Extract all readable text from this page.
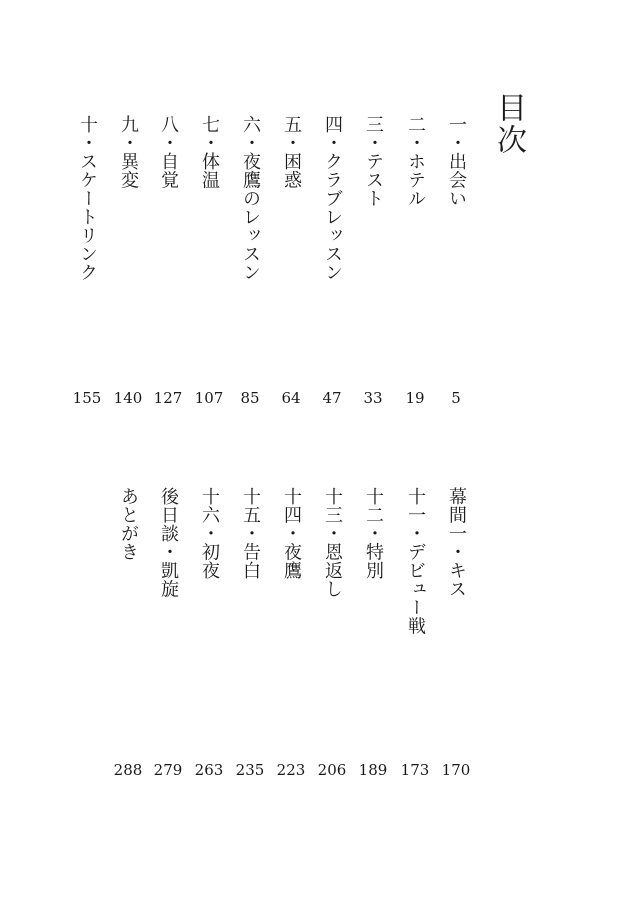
目次
一・出会い
5
二・ホテル
19
三・テスト
33
四・クラブレッスン
47
五・困惑
64
六・夜鷹のレッスン
85
七・体温
107
八・自覚
127
九・異変
140
十・スケートリンク
155
幕間一・キス
170
十一・デビュー戦
173
十二・特別
189
十三・恩返し
206
十四・夜鷹
223
十五・告白
235
十六・初夜
263
後日談・凱旋
279
あとがき
288
